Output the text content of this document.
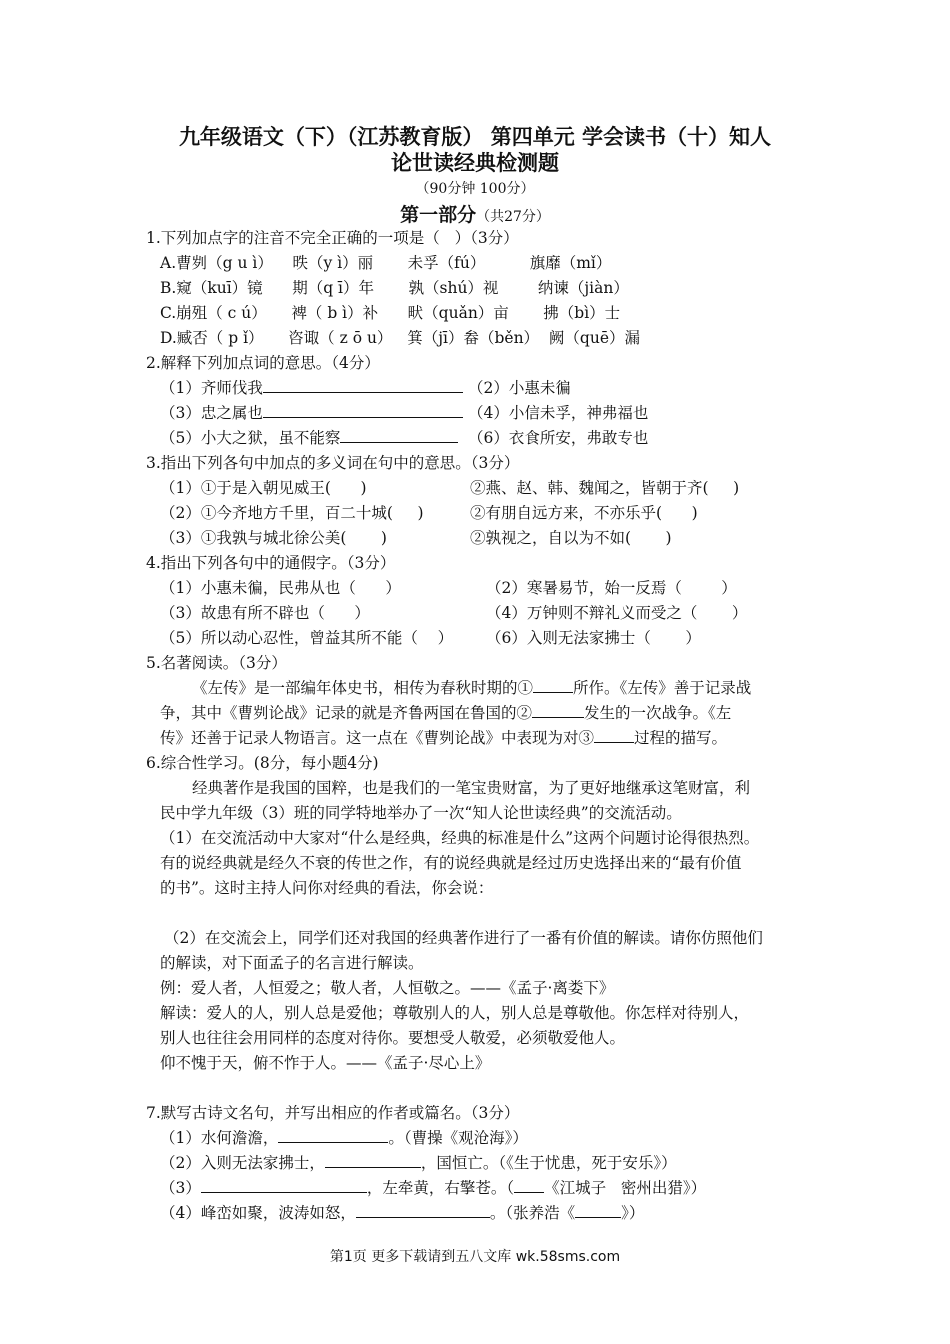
九年级语文（下）（江苏教育版） 第四单元 学会读书（十）知人
论世读经典检测题
（90分钟 100分）
第一部分（共27分）
1.下列加点字的注音不完全正确的一项是（   ）（3分）
A.曹刿（g u ì）    昳（y ì）丽       未孚（fú）         旗靡（mǐ）
B.窥（kuī）镜      期（q ī）年       孰（shú）视        纳谏（jiàn）
C.崩殂（ c ú）     裨（ b ì）补      畎（quǎn）亩       拂（bì）士
D.臧否（ p ǐ）     咨诹（ z ō u）   箕（jī）畚（běn）  阙（quē）漏
2.解释下列加点词的意思。（4分）
（1）齐师伐我	（2）小惠未徧
（3）忠之属也	（4）小信未孚，神弗福也
（5）小大之狱，虽不能察	（6）衣食所安，弗敢专也
3.指出下列各句中加点的多义词在句中的意思。（3分）
（1）①于是入朝见威王(      )	②燕、赵、韩、魏闻之，皆朝于齐(     )
（2）①今齐地方千里，百二十城(     )	②有朋自远方来，不亦乐乎(      )
（3）①我孰与城北徐公美(       )	②孰视之，自以为不如(       )
4.指出下列各句中的通假字。（3分）
（1）小惠未徧，民弗从也（      ）	（2）寒暑易节，始一反焉（        ）
（3）故患有所不辟也（      ）	（4）万钟则不辩礼义而受之（       ）
（5）所以动心忍性，曾益其所不能（    ） （6）入则无法家拂士（       ）
5.名著阅读。（3分）
《左传》是一部编年体史书，相传为春秋时期的①	所作。《左传》善于记录战
争，其中《曹刿论战》记录的就是齐鲁两国在鲁国的②	发生的一次战争。《左
传》还善于记录人物语言。这一点在《曹刿论战》中表现为对③	过程的描写。
6.综合性学习。(8分，每小题4分)
经典著作是我国的国粹，也是我们的一笔宝贵财富，为了更好地继承这笔财富，利
民中学九年级（3）班的同学特地举办了一次“知人论世读经典”的交流活动。
（1）在交流活动中大家对“什么是经典，经典的标准是什么”这两个问题讨论得很热烈。
有的说经典就是经久不衰的传世之作，有的说经典就是经过历史选择出来的“最有价值
的书”。这时主持人问你对经典的看法，你会说：
（2）在交流会上，同学们还对我国的经典著作进行了一番有价值的解读。请你仿照他们
的解读，对下面孟子的名言进行解读。
例：爱人者，人恒爱之；敬人者，人恒敬之。——《孟子·离娄下》
解读：爱人的人，别人总是爱他；尊敬别人的人，别人总是尊敬他。你怎样对待别人，
别人也往往会用同样的态度对待你。要想受人敬爱，必须敬爱他人。
仰不愧于天，俯不怍于人。——《孟子·尽心上》
7.默写古诗文名句，并写出相应的作者或篇名。（3分）
（1）水何澹澹，	。（曹操《观沧海》）
（2）入则无法家拂士，	，国恒亡。（《生于忧患，死于安乐》）
（3）	，左牵黄，右擎苍。（ 《江城子   密州出猎》）
（4）峰峦如聚，波涛如怒，	。（张养浩《	》）
第1页 更多下载请到五八文库 wk.58sms.com
